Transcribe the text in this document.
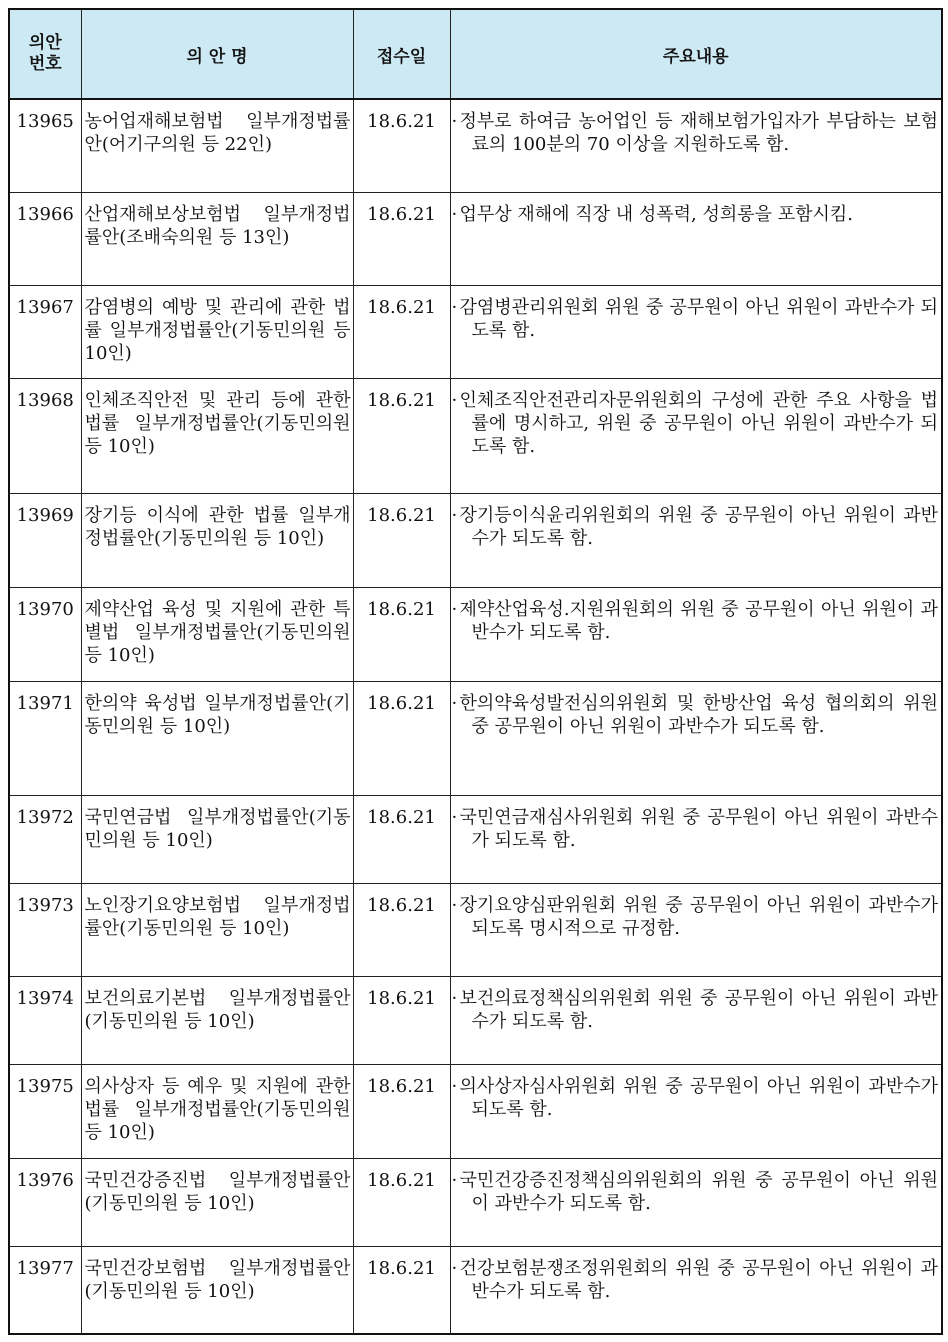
의안
번호	의 안 명	접수일	주요내용
13965	농어업재해보험법 일부개정법률안(어기구의원 등 22인)	18.6.21	· 정부로 하여금 농어업인 등 재해보험가입자가 부담하는 보험료의 100분의 70 이상을 지원하도록 함.

13966	산업재해보상보험법 일부개정법률안(조배숙의원 등 13인)	18.6.21	· 업무상 재해에 직장 내 성폭력, 성희롱을 포함시킴.

13967	감염병의 예방 및 관리에 관한 법률 일부개정법률안(기동민의원 등 10인)	18.6.21	· 감염병관리위원회 위원 중 공무원이 아닌 위원이 과반수가 되도록 함.

13968	인체조직안전 및 관리 등에 관한 법률 일부개정법률안(기동민의원 등 10인)	18.6.21	· 인체조직안전관리자문위원회의 구성에 관한 주요 사항을 법률에 명시하고, 위원 중 공무원이 아닌 위원이 과반수가 되도록 함.

13969	장기등 이식에 관한 법률 일부개정법률안(기동민의원 등 10인)	18.6.21	· 장기등이식윤리위원회의 위원 중 공무원이 아닌 위원이 과반수가 되도록 함.

13970	제약산업 육성 및 지원에 관한 특별법 일부개정법률안(기동민의원 등 10인)	18.6.21	· 제약산업육성.지원위원회의 위원 중 공무원이 아닌 위원이 과반수가 되도록 함.

13971	한의약 육성법 일부개정법률안(기동민의원 등 10인)	18.6.21	· 한의약육성발전심의위원회 및 한방산업 육성 협의회의 위원 중 공무원이 아닌 위원이 과반수가 되도록 함.

13972	국민연금법 일부개정법률안(기동민의원 등 10인)	18.6.21	· 국민연금재심사위원회 위원 중 공무원이 아닌 위원이 과반수가 되도록 함.

13973	노인장기요양보험법 일부개정법률안(기동민의원 등 10인)	18.6.21	· 장기요양심판위원회 위원 중 공무원이 아닌 위원이 과반수가 되도록 명시적으로 규정함.

13974	보건의료기본법 일부개정법률안(기동민의원 등 10인)	18.6.21	· 보건의료정책심의위원회 위원 중 공무원이 아닌 위원이 과반수가 되도록 함.

13975	의사상자 등 예우 및 지원에 관한 법률 일부개정법률안(기동민의원 등 10인)	18.6.21	· 의사상자심사위원회 위원 중 공무원이 아닌 위원이 과반수가 되도록 함.

13976	국민건강증진법 일부개정법률안(기동민의원 등 10인)	18.6.21	· 국민건강증진정책심의위원회의 위원 중 공무원이 아닌 위원이 과반수가 되도록 함.

13977	국민건강보험법 일부개정법률안(기동민의원 등 10인)	18.6.21	· 건강보험분쟁조정위원회의 위원 중 공무원이 아닌 위원이 과반수가 되도록 함.
